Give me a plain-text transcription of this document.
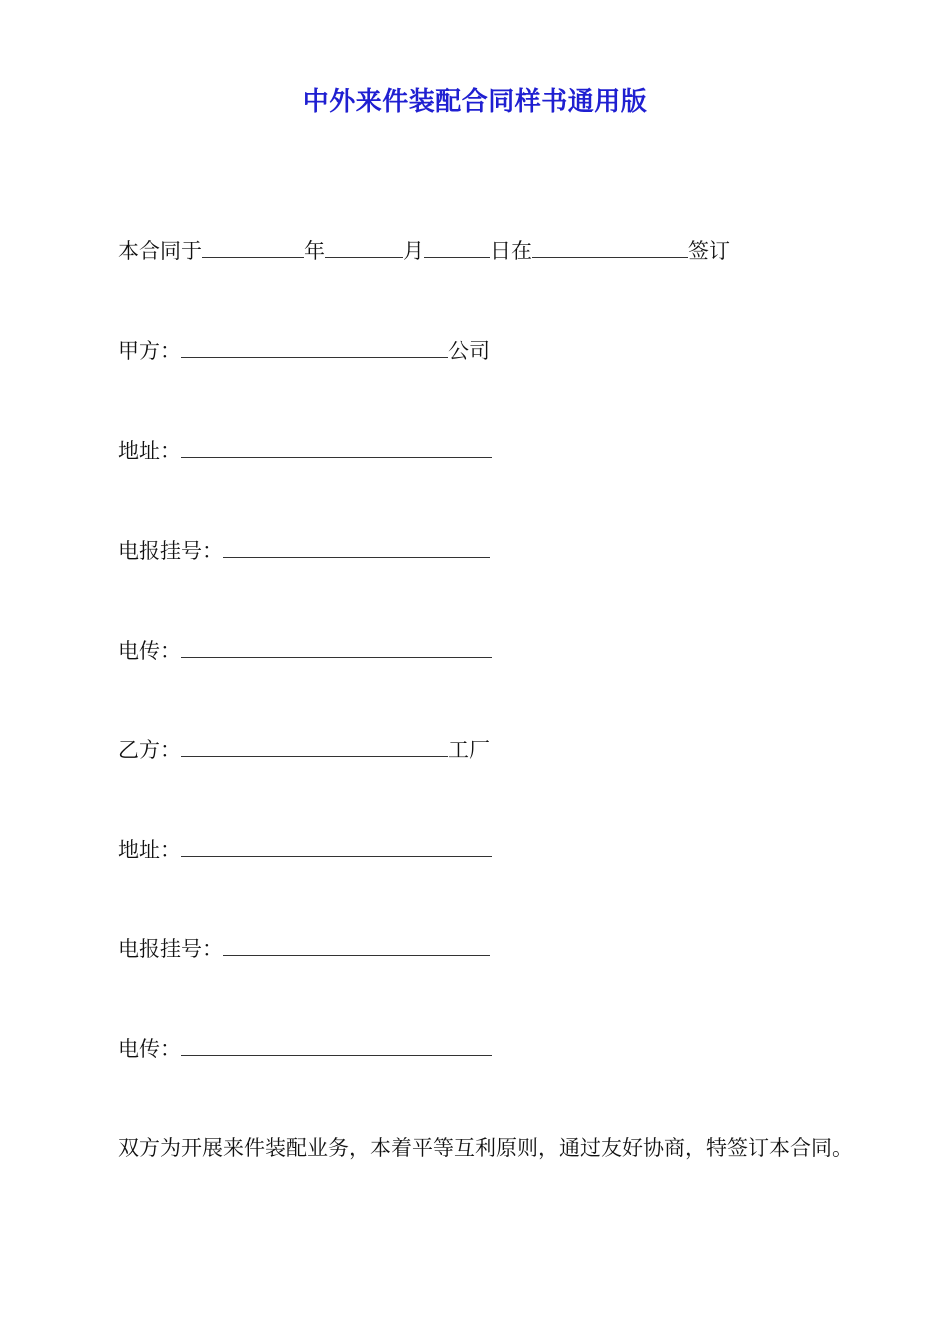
中外来件装配合同样书通用版
本合同于	年	月	日在	签订
甲方：	公司
地址：
电报挂号：
电传：
乙方：	工厂
地址：
电报挂号：
电传：
双方为开展来件装配业务，本着平等互利原则，通过友好协商，特签订本合同。
